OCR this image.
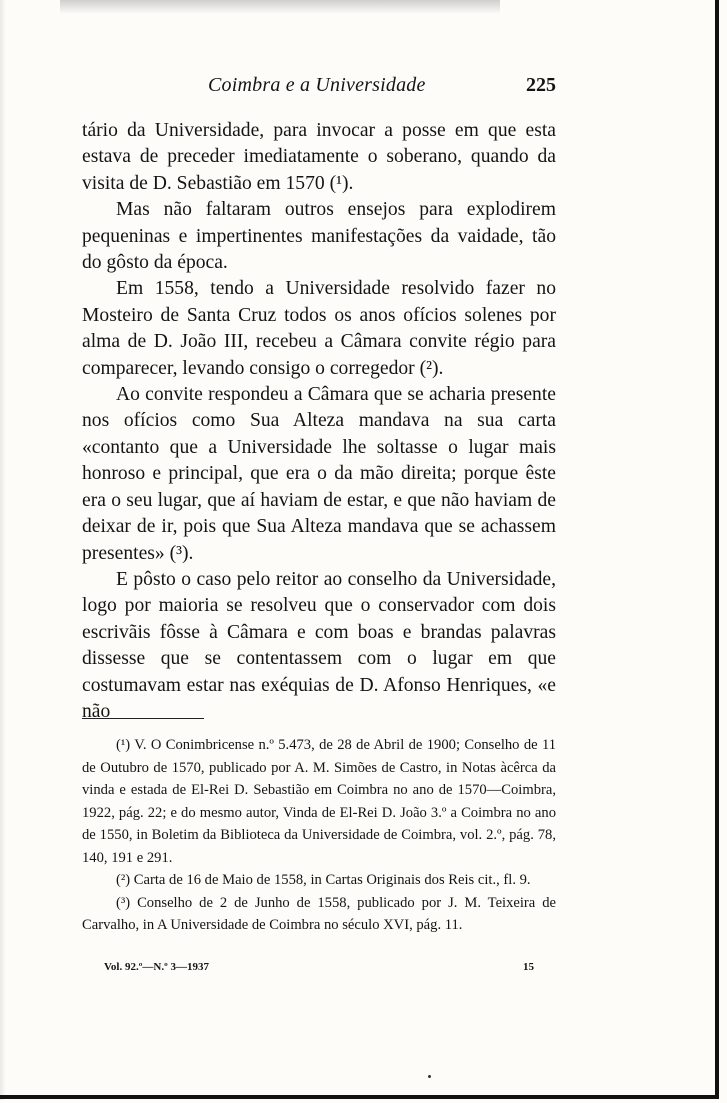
Coimbra e a Universidade	225

tário da Universidade, para invocar a posse em que esta estava de preceder imediatamente o soberano, quando da visita de D. Sebastião em 1570 (¹).

Mas não faltaram outros ensejos para explodirem pequeninas e impertinentes manifestações da vaidade, tão do gôsto da época.

Em 1558, tendo a Universidade resolvido fazer no Mosteiro de Santa Cruz todos os anos ofícios solenes por alma de D. João III, recebeu a Câmara convite régio para comparecer, levando consigo o corregedor (²).

Ao convite respondeu a Câmara que se acharia presente nos ofícios como Sua Alteza mandava na sua carta «contanto que a Universidade lhe soltasse o lugar mais honroso e principal, que era o da mão direita; porque êste era o seu lugar, que aí haviam de estar, e que não haviam de deixar de ir, pois que Sua Alteza mandava que se achassem presentes» (³).

E pôsto o caso pelo reitor ao conselho da Universidade, logo por maioria se resolveu que o conservador com dois escrivãis fôsse à Câmara e com boas e brandas palavras dissesse que se contentassem com o lugar em que costumavam estar nas exéquias de D. Afonso Henriques, «e não

(¹) V. O Conimbricense n.º 5.473, de 28 de Abril de 1900; Conselho de 11 de Outubro de 1570, publicado por A. M. Simões de Castro, in Notas àcêrca da vinda e estada de El-Rei D. Sebastião em Coimbra no ano de 1570—Coimbra, 1922, pág. 22; e do mesmo autor, Vinda de El-Rei D. João 3.º a Coimbra no ano de 1550, in Boletim da Biblioteca da Universidade de Coimbra, vol. 2.º, pág. 78, 140, 191 e 291.

(²) Carta de 16 de Maio de 1558, in Cartas Originais dos Reis cit., fl. 9.

(³) Conselho de 2 de Junho de 1558, publicado por J. M. Teixeira de Carvalho, in A Universidade de Coimbra no século XVI, pág. 11.

Vol. 92.º—N.º 3—1937	15
